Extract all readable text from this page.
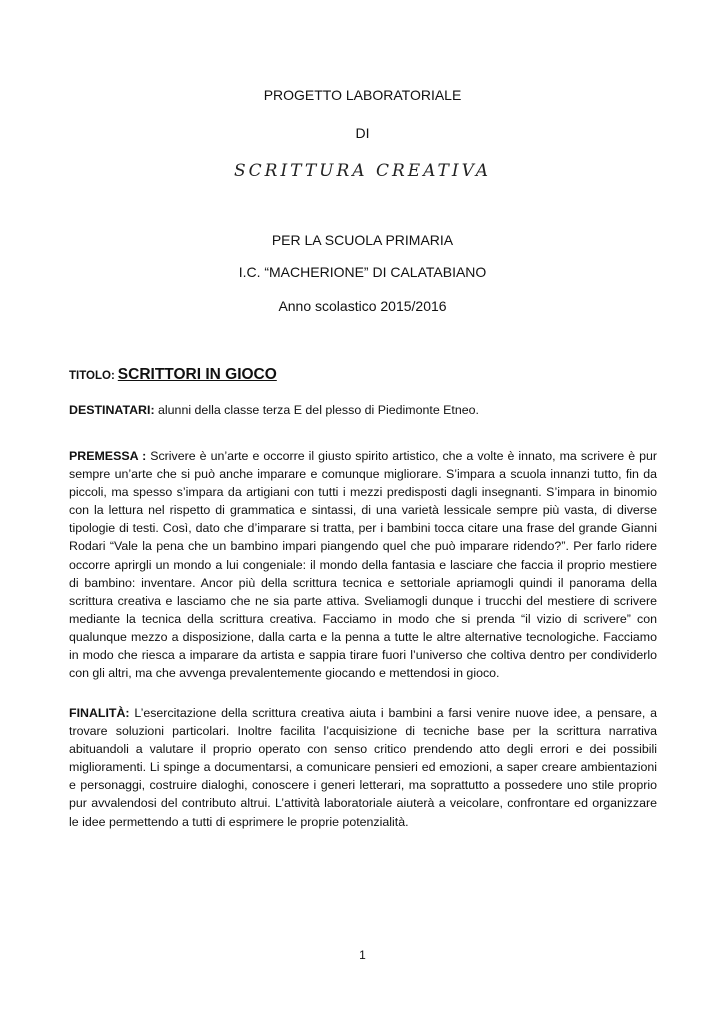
PROGETTO LABORATORIALE
DI
SCRITTURA CREATIVA
PER LA SCUOLA PRIMARIA
I.C. “MACHERIONE” DI CALATABIANO
Anno scolastico 2015/2016
TITOLO: SCRITTORI IN GIOCO
DESTINATARI: alunni della classe terza E del plesso di Piedimonte Etneo.
PREMESSA : Scrivere è un’arte e occorre il giusto spirito artistico, che a volte è innato, ma scrivere è pur sempre un’arte che si può anche imparare e comunque migliorare. S’impara a scuola innanzi tutto, fin da piccoli, ma spesso s’impara da artigiani con tutti i mezzi predisposti dagli insegnanti. S’impara in binomio con la lettura nel rispetto di grammatica e sintassi, di una varietà lessicale sempre più vasta, di diverse tipologie di testi. Così, dato che d’imparare si tratta, per i bambini tocca citare una frase del grande Gianni Rodari “Vale la pena che un bambino impari piangendo quel che può imparare ridendo?”. Per farlo ridere occorre aprirgli un mondo a lui congeniale: il mondo della fantasia e lasciare che faccia il proprio mestiere di bambino: inventare. Ancor più della scrittura tecnica e settoriale apriamogli quindi il panorama della scrittura creativa e lasciamo che ne sia parte attiva. Sveliamogli dunque i trucchi del mestiere di scrivere mediante la tecnica della scrittura creativa. Facciamo in modo che si prenda “il vizio di scrivere” con qualunque mezzo a disposizione, dalla carta e la penna a tutte le altre alternative tecnologiche. Facciamo in modo che riesca a imparare da artista e sappia tirare fuori l’universo che coltiva dentro per condividerlo con gli altri, ma che avvenga prevalentemente giocando e mettendosi in gioco.
FINALITÀ: L’esercitazione della scrittura creativa aiuta i bambini a farsi venire nuove idee, a pensare, a trovare soluzioni particolari. Inoltre facilita l’acquisizione di tecniche base per la scrittura narrativa abituandoli a valutare il proprio operato con senso critico prendendo atto degli errori e dei possibili miglioramenti. Li spinge a documentarsi, a comunicare pensieri ed emozioni, a saper creare ambientazioni e personaggi, costruire dialoghi, conoscere i generi letterari, ma soprattutto a possedere uno stile proprio pur avvalendosi del contributo altrui. L’attività laboratoriale aiuterà a veicolare, confrontare ed organizzare le idee permettendo a tutti di esprimere le proprie potenzialità.
1
